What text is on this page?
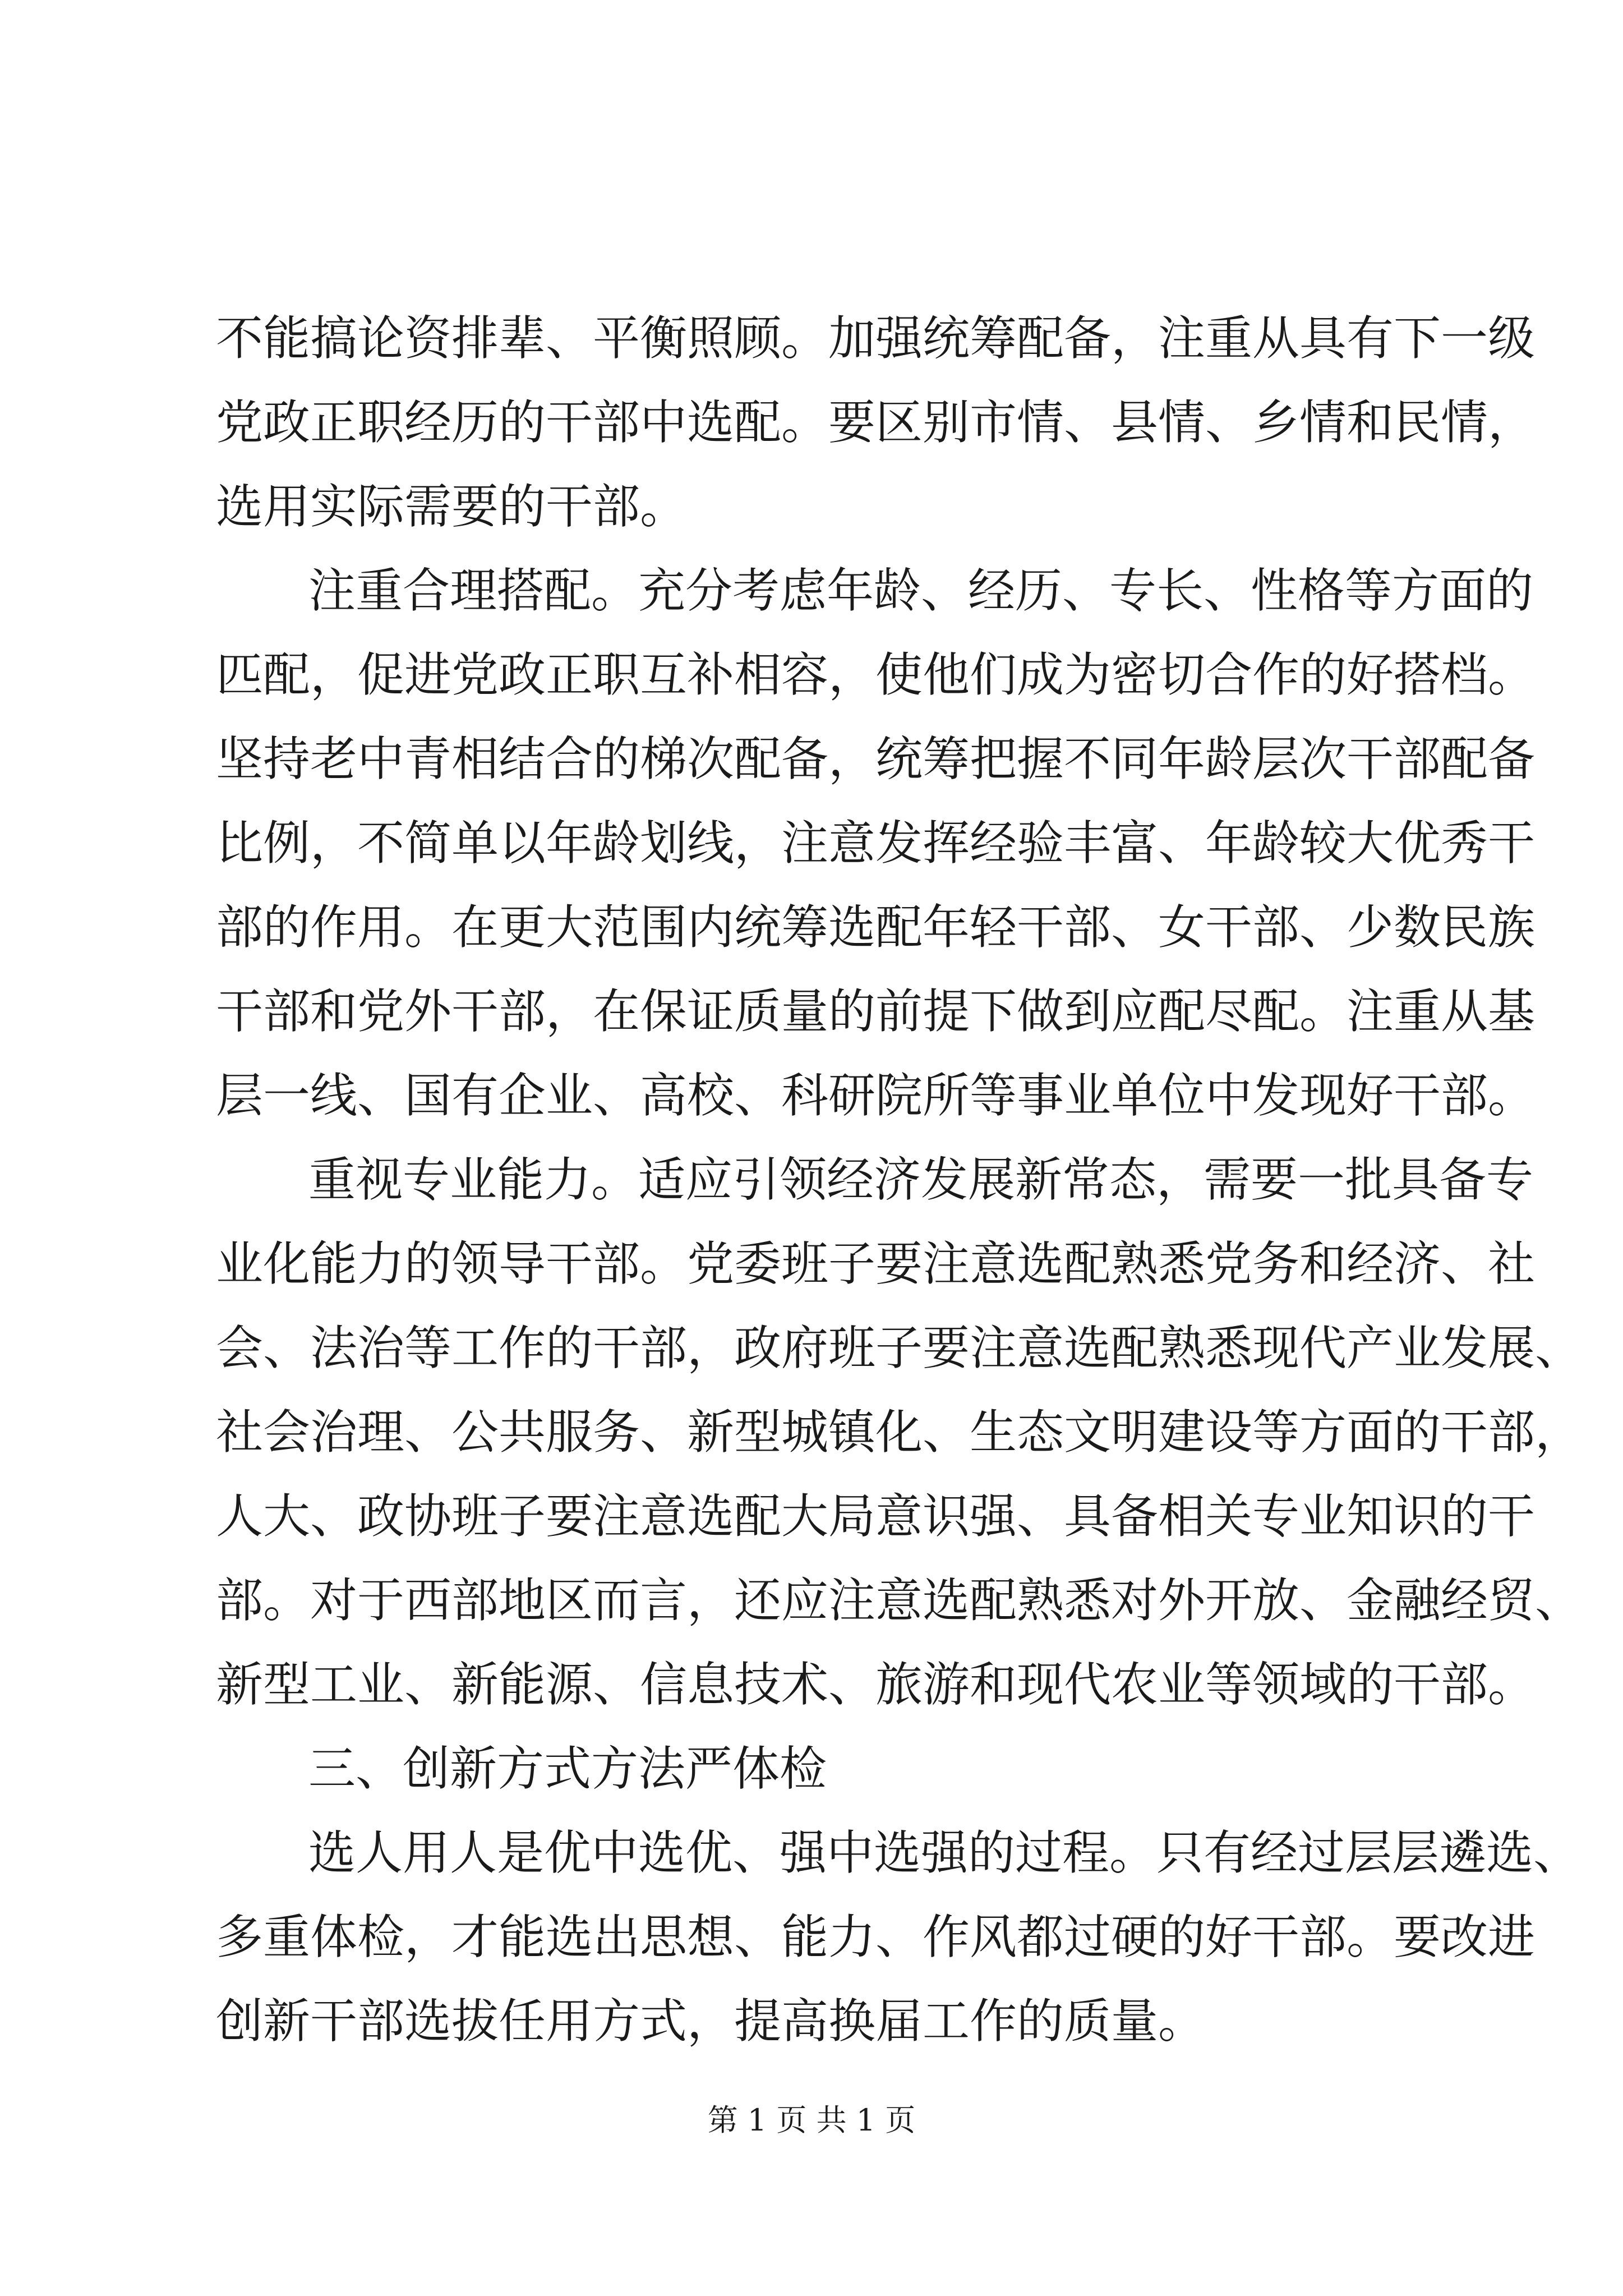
不能搞论资排辈、平衡照顾。加强统筹配备，注重从具有下一级
党政正职经历的干部中选配。要区别市情、县情、乡情和民情，
选用实际需要的干部。
注重合理搭配。充分考虑年龄、经历、专长、性格等方面的
匹配，促进党政正职互补相容，使他们成为密切合作的好搭档。
坚持老中青相结合的梯次配备，统筹把握不同年龄层次干部配备
比例，不简单以年龄划线，注意发挥经验丰富、年龄较大优秀干
部的作用。在更大范围内统筹选配年轻干部、女干部、少数民族
干部和党外干部，在保证质量的前提下做到应配尽配。注重从基
层一线、国有企业、高校、科研院所等事业单位中发现好干部。
重视专业能力。适应引领经济发展新常态，需要一批具备专
业化能力的领导干部。党委班子要注意选配熟悉党务和经济、社
会、法治等工作的干部，政府班子要注意选配熟悉现代产业发展、
社会治理、公共服务、新型城镇化、生态文明建设等方面的干部，
人大、政协班子要注意选配大局意识强、具备相关专业知识的干
部。对于西部地区而言，还应注意选配熟悉对外开放、金融经贸、
新型工业、新能源、信息技术、旅游和现代农业等领域的干部。
三、创新方式方法严体检
选人用人是优中选优、强中选强的过程。只有经过层层遴选、
多重体检，才能选出思想、能力、作风都过硬的好干部。要改进
创新干部选拔任用方式，提高换届工作的质量。
第 1 页 共 1 页
